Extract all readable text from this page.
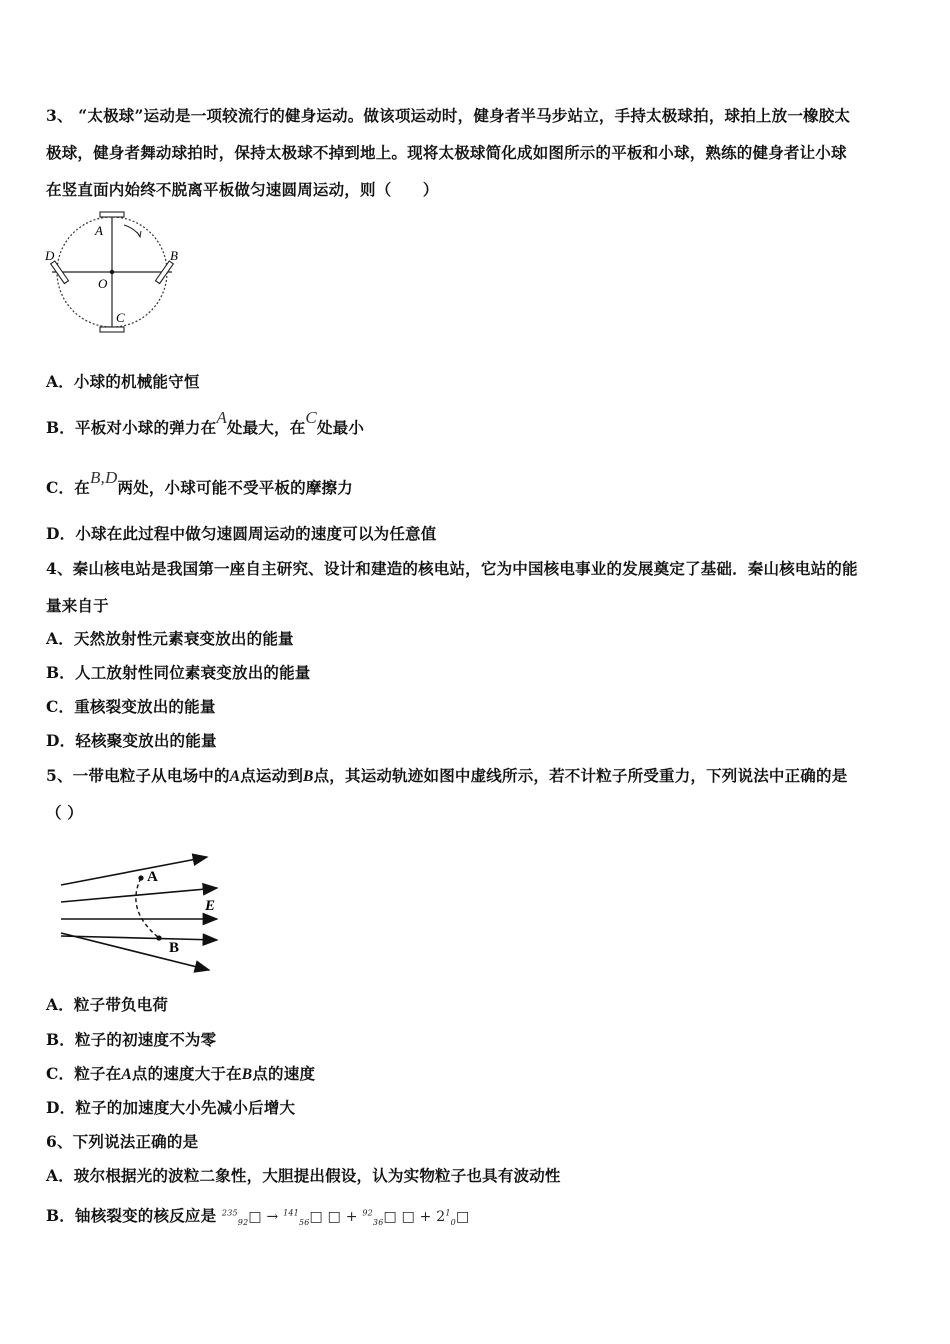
3、 “太极球”运动是一项较流行的健身运动。做该项运动时，健身者半马步站立，手持太极球拍，球拍上放一橡胶太
极球，健身者舞动球拍时，保持太极球不掉到地上。现将太极球简化成如图所示的平板和小球，熟练的健身者让小球
在竖直面内始终不脱离平板做匀速圆周运动，则（　　）
A
B
C
D
O
A．小球的机械能守恒
B．平板对小球的弹力在A处最大，在C处最小
C．在B,D两处，小球可能不受平板的摩擦力
D．小球在此过程中做匀速圆周运动的速度可以为任意值
4、秦山核电站是我国第一座自主研究、设计和建造的核电站，它为中国核电事业的发展奠定了基础．秦山核电站的能
量来自于
A．天然放射性元素衰变放出的能量
B．人工放射性同位素衰变放出的能量
C．重核裂变放出的能量
D．轻核聚变放出的能量
5、一带电粒子从电场中的A点运动到B点，其运动轨迹如图中虚线所示，若不计粒子所受重力，下列说法中正确的是
（ ）
A
B
E
A．粒子带负电荷
B．粒子的初速度不为零
C．粒子在A点的速度大于在B点的速度
D．粒子的加速度大小先减小后增大
6、下列说法正确的是
A．玻尔根据光的波粒二象性，大胆提出假设，认为实物粒子也具有波动性
B．铀核裂变的核反应是 $^{235}_{92}$□ → $^{141}_{56}$□ □ + $^{92}_{36}$□ □ + $2^1_0□$
